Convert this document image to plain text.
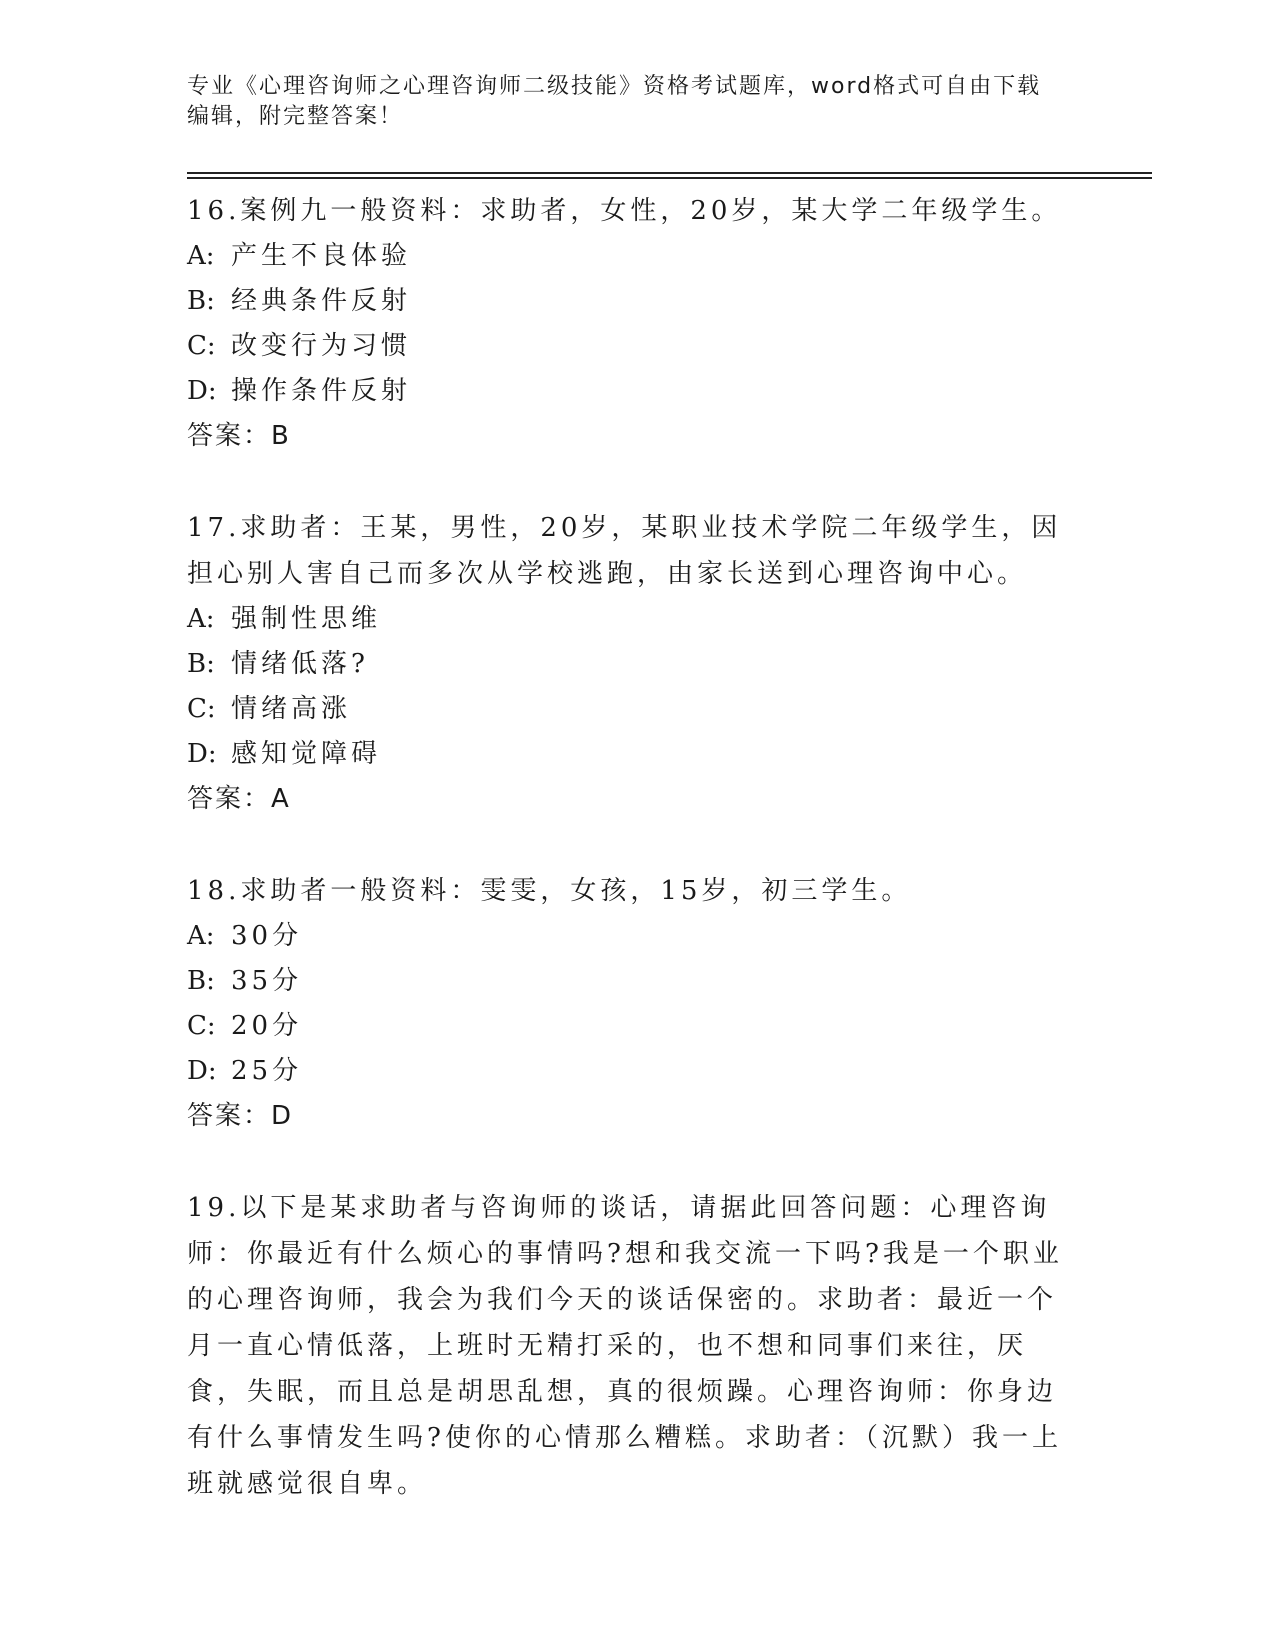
专业《心理咨询师之心理咨询师二级技能》资格考试题库，word格式可自由下载
编辑，附完整答案！
16.案例九一般资料：求助者，女性，20岁，某大学二年级学生。
A: 产生不良体验
B: 经典条件反射
C: 改变行为习惯
D: 操作条件反射
答案：B
17.求助者：王某，男性，20岁，某职业技术学院二年级学生，因担心别人害自己而多次从学校逃跑，由家长送到心理咨询中心。
A: 强制性思维
B: 情绪低落?
C: 情绪高涨
D: 感知觉障碍
答案：A
18.求助者一般资料：雯雯，女孩，15岁，初三学生。
A: 30分
B: 35分
C: 20分
D: 25分
答案：D
19.以下是某求助者与咨询师的谈话，请据此回答问题：心理咨询师：你最近有什么烦心的事情吗?想和我交流一下吗?我是一个职业的心理咨询师，我会为我们今天的谈话保密的。求助者：最近一个月一直心情低落，上班时无精打采的，也不想和同事们来往，厌食，失眠，而且总是胡思乱想，真的很烦躁。心理咨询师：你身边有什么事情发生吗?使你的心情那么糟糕。求助者：（沉默）我一上班就感觉很自卑。
